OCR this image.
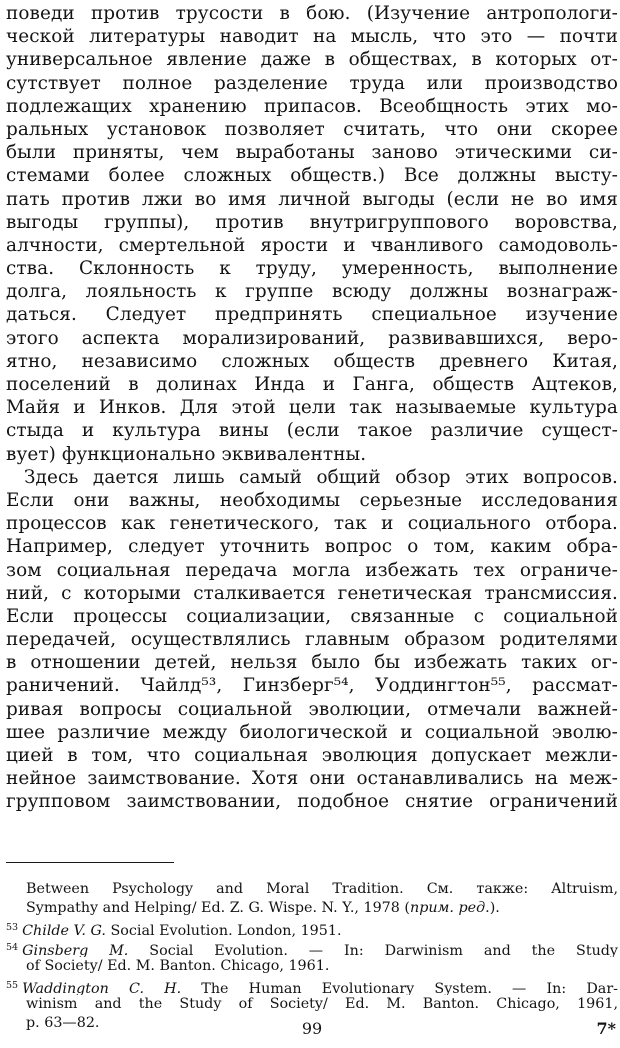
поведи против трусости в бою. (Изучение антропологи-
ческой литературы наводит на мысль, что это — почти
универсальное явление даже в обществах, в которых от-
сутствует полное разделение труда или производство
подлежащих хранению припасов. Всеобщность этих мо-
ральных установок позволяет считать, что они скорее
были приняты, чем выработаны заново этическими си-
стемами более сложных обществ.) Все должны высту-
пать против лжи во имя личной выгоды (если не во имя
выгоды группы), против внутригруппового воровства,
алчности, смертельной ярости и чванливого самодоволь-
ства. Склонность к труду, умеренность, выполнение
долга, лояльность к группе всюду должны вознаграж-
даться. Следует предпринять специальное изучение
этого аспекта морализирований, развивавшихся, веро-
ятно, независимо сложных обществ древнего Китая,
поселений в долинах Инда и Ганга, обществ Ацтеков,
Майя и Инков. Для этой цели так называемые культура
стыда и культура вины (если такое различие сущест-
вует) функционально эквивалентны.
Здесь дается лишь самый общий обзор этих вопросов.
Если они важны, необходимы серьезные исследования
процессов как генетического, так и социального отбора.
Например, следует уточнить вопрос о том, каким обра-
зом социальная передача могла избежать тех ограниче-
ний, с которыми сталкивается генетическая трансмиссия.
Если процессы социализации, связанные с социальной
передачей, осуществлялись главным образом родителями
в отношении детей, нельзя было бы избежать таких ог-
раничений. Чайлд⁵³, Гинзберг⁵⁴, Уоддингтон⁵⁵, рассмат-
ривая вопросы социальной эволюции, отмечали важней-
шее различие между биологической и социальной эволю-
цией в том, что социальная эволюция допускает межли-
нейное заимствование. Хотя они останавливались на меж-
групповом заимствовании, подобное снятие ограничений
Between Psychology and Moral Tradition. См. также: Altruism,
Sympathy and Helping/ Ed. Z. G. Wispe. N. Y., 1978 (прим. ред.).
$^{53}$ Childe V. G. Social Evolution. London, 1951.
$^{54}$ Ginsberg M. Social Evolution. — In: Darwinism and the Study
of Society/ Ed. M. Banton. Chicago, 1961.
$^{55}$ Waddington C. H. The Human Evolutionary System. — In: Dar-
winism and the Study of Society/ Ed. M. Banton. Chicago, 1961,
p. 63—82.	99	7*
